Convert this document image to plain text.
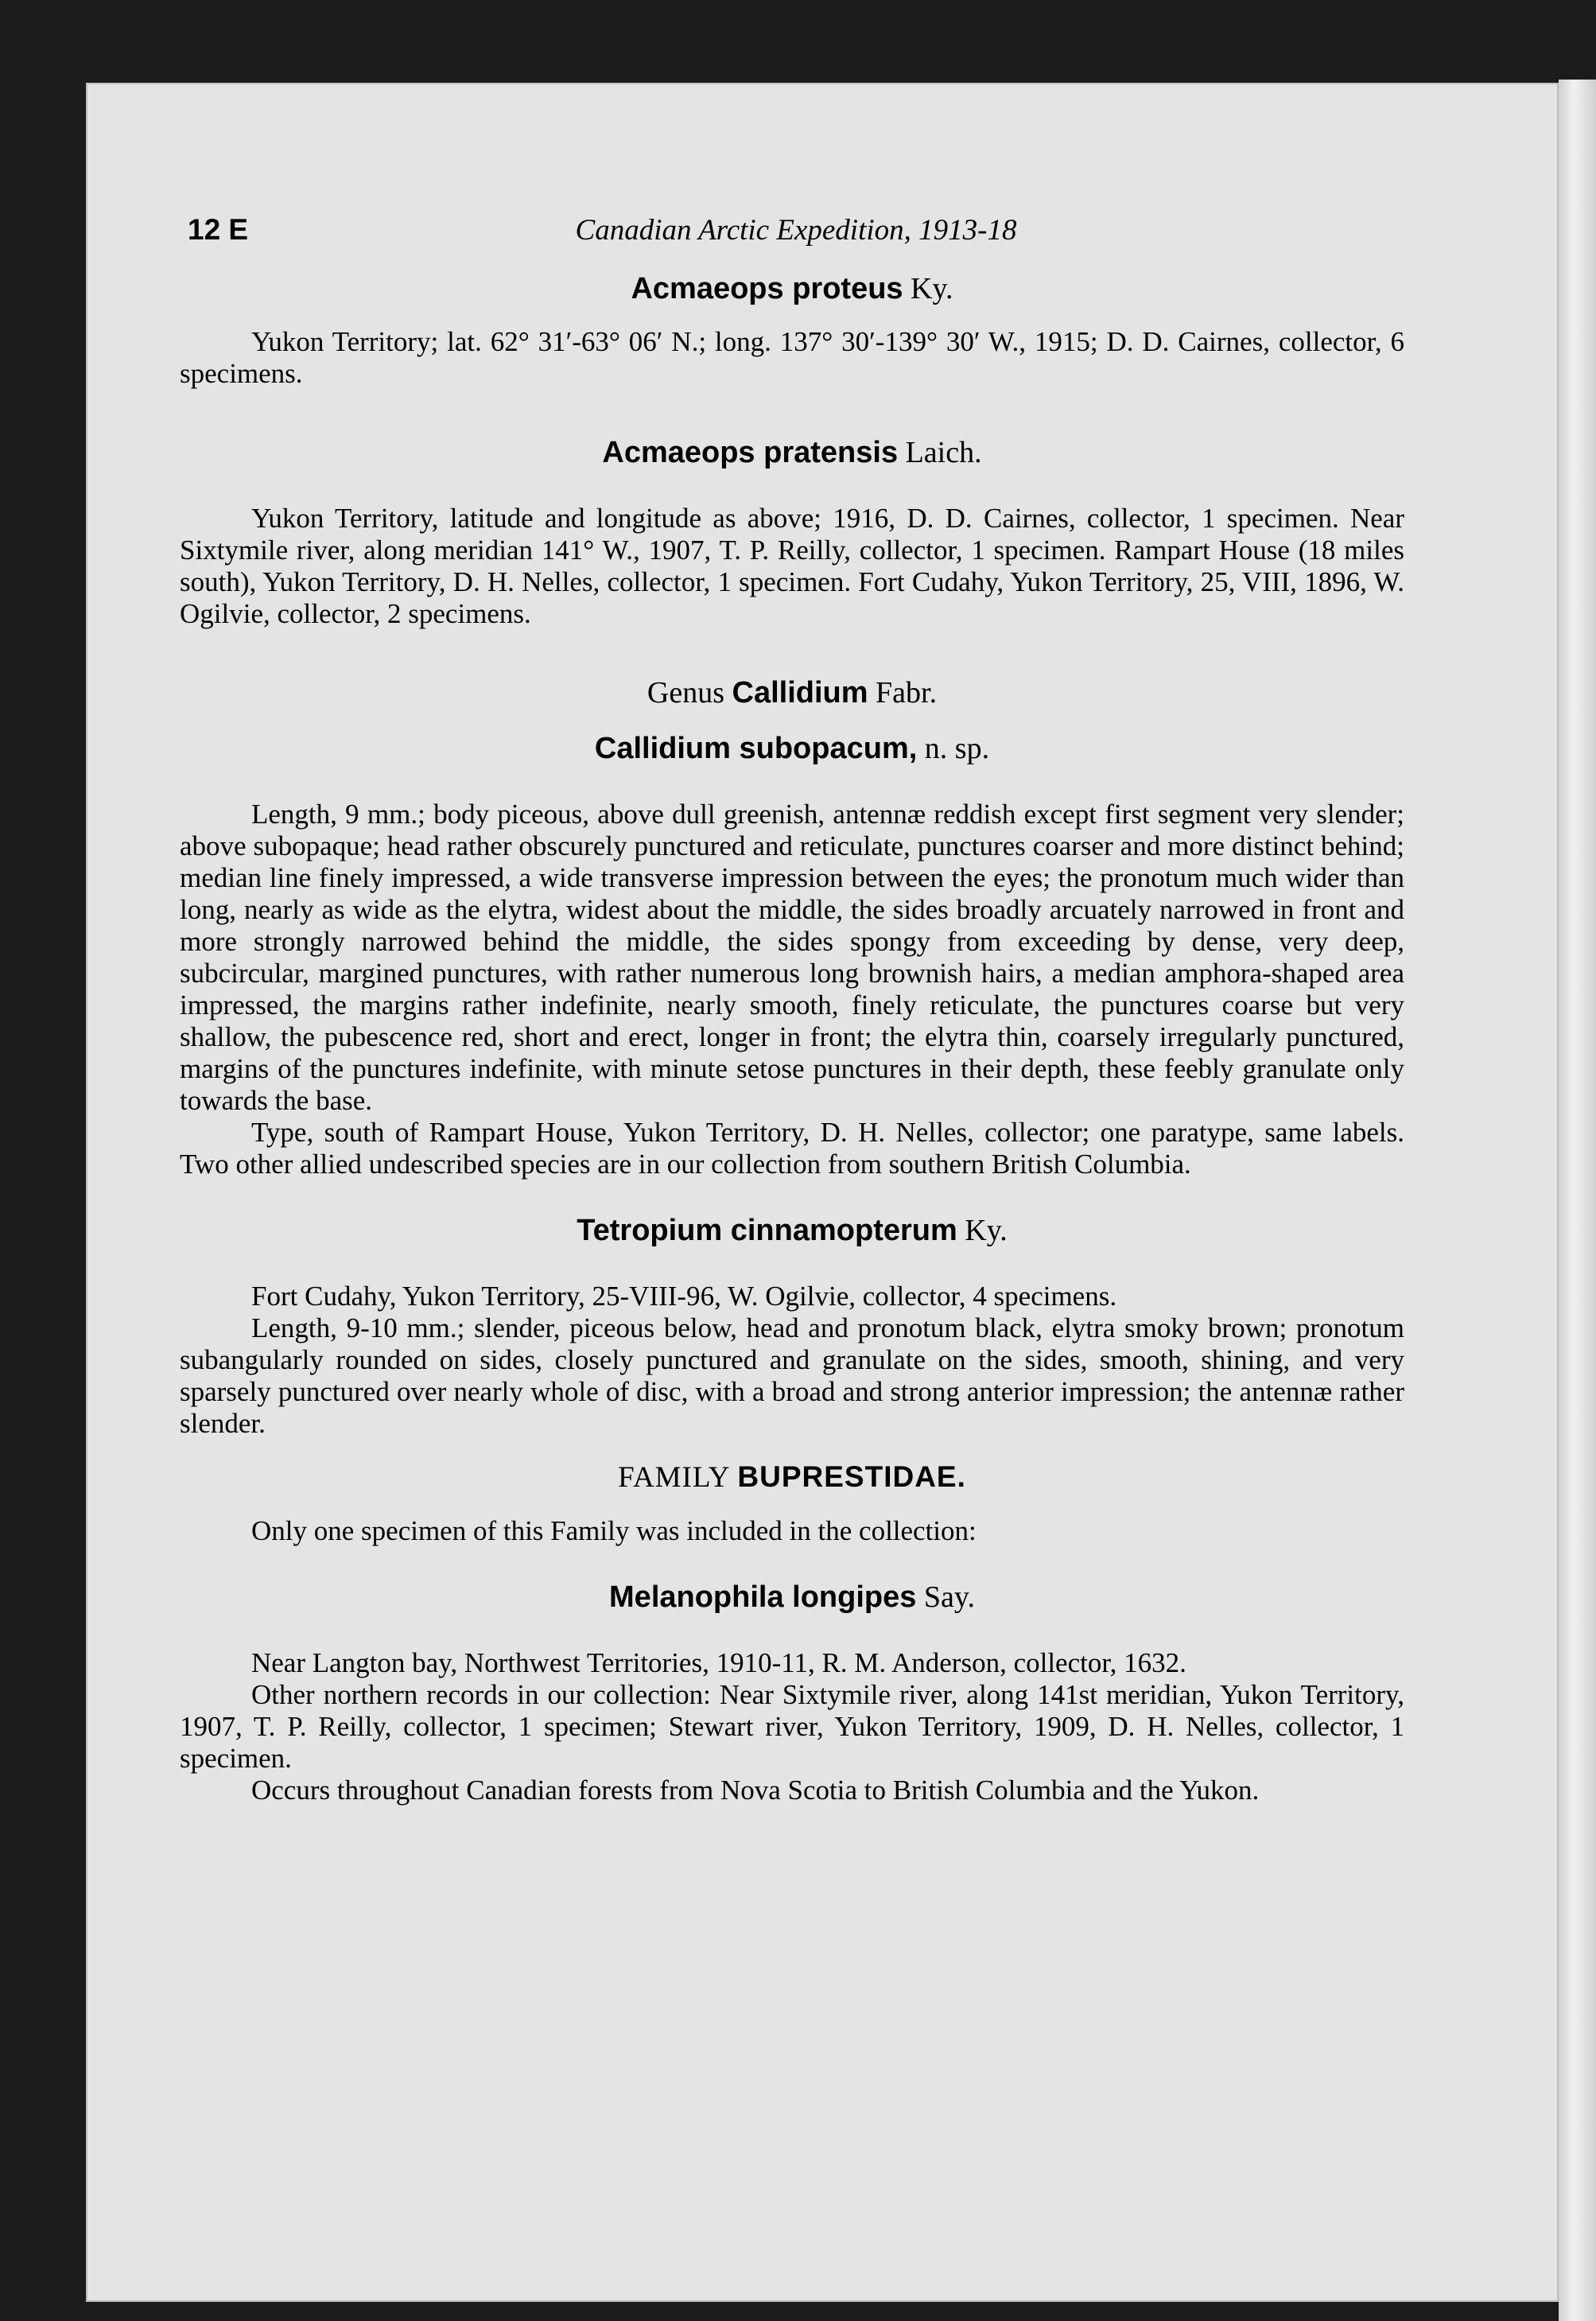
12 E	Canadian Arctic Expedition, 1913-18

Acmaeops proteus Ky.

Yukon Territory; lat. 62° 31′-63° 06′ N.; long. 137° 30′-139° 30′ W., 1915; D. D. Cairnes, collector, 6 specimens.

Acmaeops pratensis Laich.

Yukon Territory, latitude and longitude as above; 1916, D. D. Cairnes, collector, 1 specimen. Near Sixtymile river, along meridian 141° W., 1907, T. P. Reilly, collector, 1 specimen. Rampart House (18 miles south), Yukon Territory, D. H. Nelles, collector, 1 specimen. Fort Cudahy, Yukon Territory, 25, VIII, 1896, W. Ogilvie, collector, 2 specimens.

Genus Callidium Fabr.

Callidium subopacum, n. sp.

Length, 9 mm.; body piceous, above dull greenish, antennæ reddish except first segment very slender; above subopaque; head rather obscurely punctured and reticulate, punctures coarser and more distinct behind; median line finely impressed, a wide transverse impression between the eyes; the pronotum much wider than long, nearly as wide as the elytra, widest about the middle, the sides broadly arcuately narrowed in front and more strongly narrowed behind the middle, the sides spongy from exceeding by dense, very deep, subcircular, margined punctures, with rather numerous long brownish hairs, a median amphora-shaped area impressed, the margins rather indefinite, nearly smooth, finely reticulate, the punctures coarse but very shallow, the pubescence red, short and erect, longer in front; the elytra thin, coarsely irregularly punctured, margins of the punctures indefinite, with minute setose punctures in their depth, these feebly granulate only towards the base.

Type, south of Rampart House, Yukon Territory, D. H. Nelles, collector; one paratype, same labels. Two other allied undescribed species are in our collection from southern British Columbia.

Tetropium cinnamopterum Ky.

Fort Cudahy, Yukon Territory, 25-VIII-96, W. Ogilvie, collector, 4 specimens.

Length, 9-10 mm.; slender, piceous below, head and pronotum black, elytra smoky brown; pronotum subangularly rounded on sides, closely punctured and granulate on the sides, smooth, shining, and very sparsely punctured over nearly whole of disc, with a broad and strong anterior impression; the antennæ rather slender.

FAMILY BUPRESTIDAE.

Only one specimen of this Family was included in the collection:

Melanophila longipes Say.

Near Langton bay, Northwest Territories, 1910-11, R. M. Anderson, collector, 1632.

Other northern records in our collection: Near Sixtymile river, along 141st meridian, Yukon Territory, 1907, T. P. Reilly, collector, 1 specimen; Stewart river, Yukon Territory, 1909, D. H. Nelles, collector, 1 specimen.

Occurs throughout Canadian forests from Nova Scotia to British Columbia and the Yukon.
